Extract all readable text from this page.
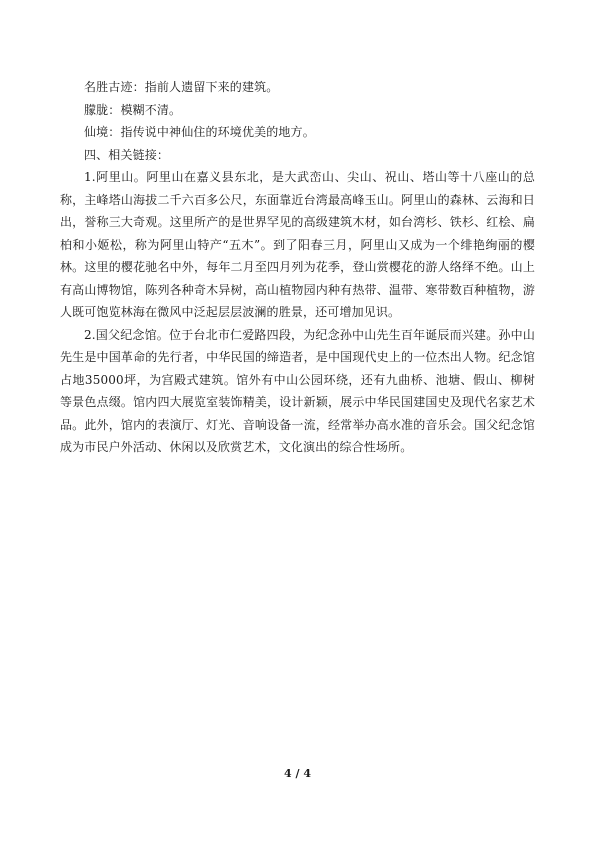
名胜古迹：指前人遗留下来的建筑。

朦胧：模糊不清。

仙境：指传说中神仙住的环境优美的地方。

四、相关链接：

1.阿里山。阿里山在嘉义县东北，是大武峦山、尖山、祝山、塔山等十八座山的总称，主峰塔山海拔二千六百多公尺，东面靠近台湾最高峰玉山。阿里山的森林、云海和日出，誉称三大奇观。这里所产的是世界罕见的高级建筑木材，如台湾杉、铁杉、红桧、扁柏和小姬松，称为阿里山特产“五木”。到了阳春三月，阿里山又成为一个绯艳绚丽的樱林。这里的樱花驰名中外，每年二月至四月列为花季，登山赏樱花的游人络绎不绝。山上有高山博物馆，陈列各种奇木异树，高山植物园内种有热带、温带、寒带数百种植物，游人既可饱览林海在微风中泛起层层波澜的胜景，还可增加见识。

2.国父纪念馆。位于台北市仁爱路四段，为纪念孙中山先生百年诞辰而兴建。孙中山先生是中国革命的先行者，中华民国的缔造者，是中国现代史上的一位杰出人物。纪念馆占地35000坪，为宫殿式建筑。馆外有中山公园环绕，还有九曲桥、池塘、假山、柳树等景色点缀。馆内四大展览室装饰精美，设计新颖，展示中华民国建国史及现代名家艺术品。此外，馆内的表演厅、灯光、音响设备一流，经常举办高水准的音乐会。国父纪念馆成为市民户外活动、休闲以及欣赏艺术，文化演出的综合性场所。

4 / 4
